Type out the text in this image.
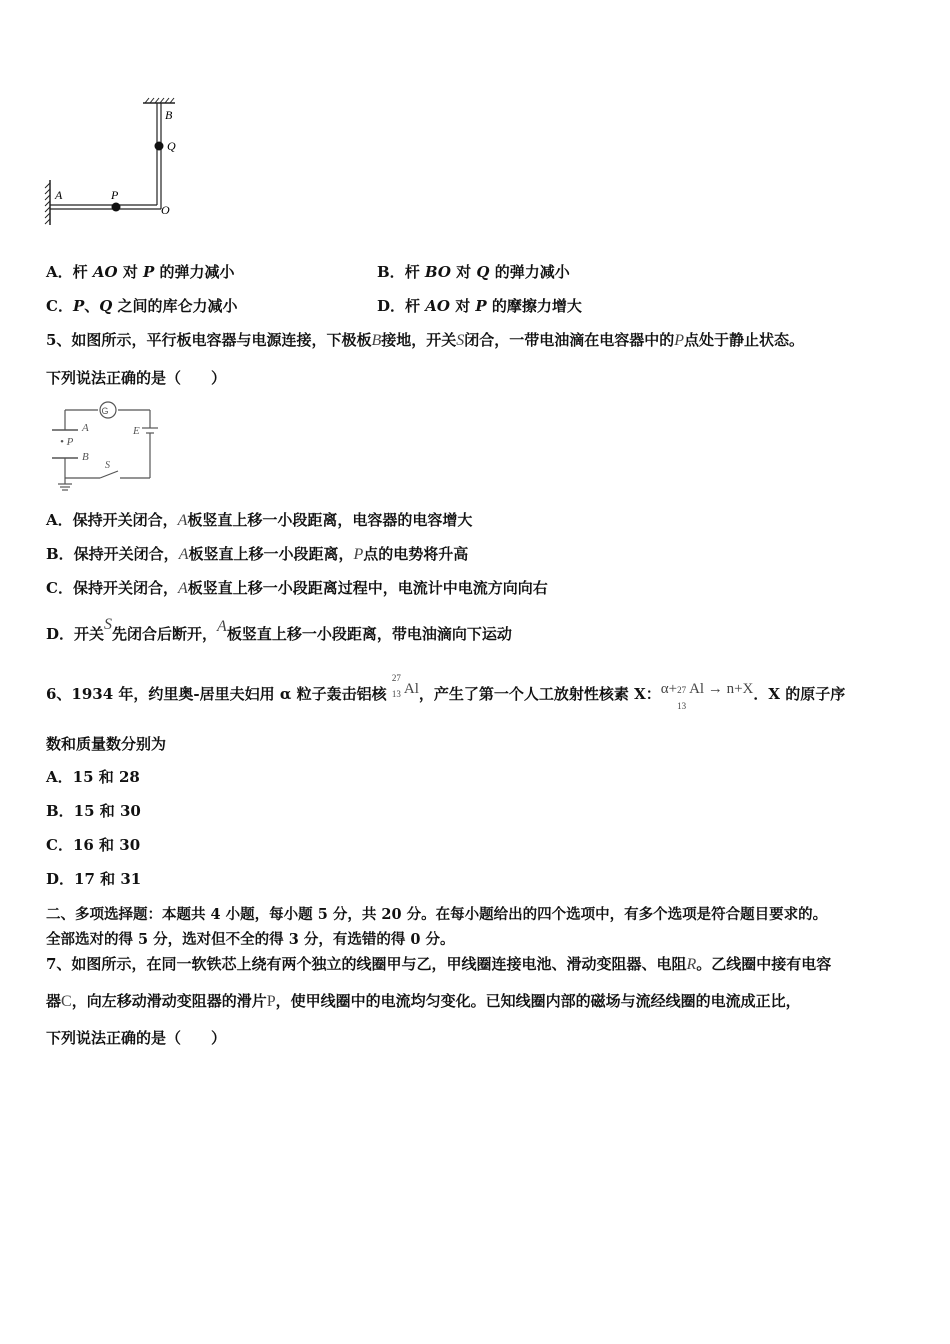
B
Q
A	P
O
A．杆 AO 对 P 的弹力减小	B．杆 BO 对 Q 的弹力减小
C．P、Q 之间的库仑力减小	D．杆 AO 对 P 的摩擦力增大
5、如图所示，平行板电容器与电源连接，下极板B接地，开关S闭合，一带电油滴在电容器中的P点处于静止状态。
下列说法正确的是（　　）
G
A
• P
E
B
S
A．保持开关闭合，A板竖直上移一小段距离，电容器的电容增大
B．保持开关闭合，A板竖直上移一小段距离，P点的电势将升高
C．保持开关闭合，A板竖直上移一小段距离过程中，电流计中电流方向向右
D．开关S先闭合后断开，A板竖直上移一小段距离，带电油滴向下运动
6、1934 年，约里奥-居里夫妇用 α 粒子轰击铝核
27
13 Al，产生了第一个人工放射性核素 X：α+ 27
13
Al → n+X．X 的原子序
数和质量数分别为
A．15 和 28
B．15 和 30
C．16 和 30
D．17 和 31
二、多项选择题：本题共 4 小题，每小题 5 分，共 20 分。在每小题给出的四个选项中，有多个选项是符合题目要求的。
全部选对的得 5 分，选对但不全的得 3 分，有选错的得 0 分。
7、如图所示，在同一软铁芯上绕有两个独立的线圈甲与乙，甲线圈连接电池、滑动变阻器、电阻R。乙线圈中接有电容
器C，向左移动滑动变阻器的滑片P，使甲线圈中的电流均匀变化。已知线圈内部的磁场与流经线圈的电流成正比，
下列说法正确的是（　　）
